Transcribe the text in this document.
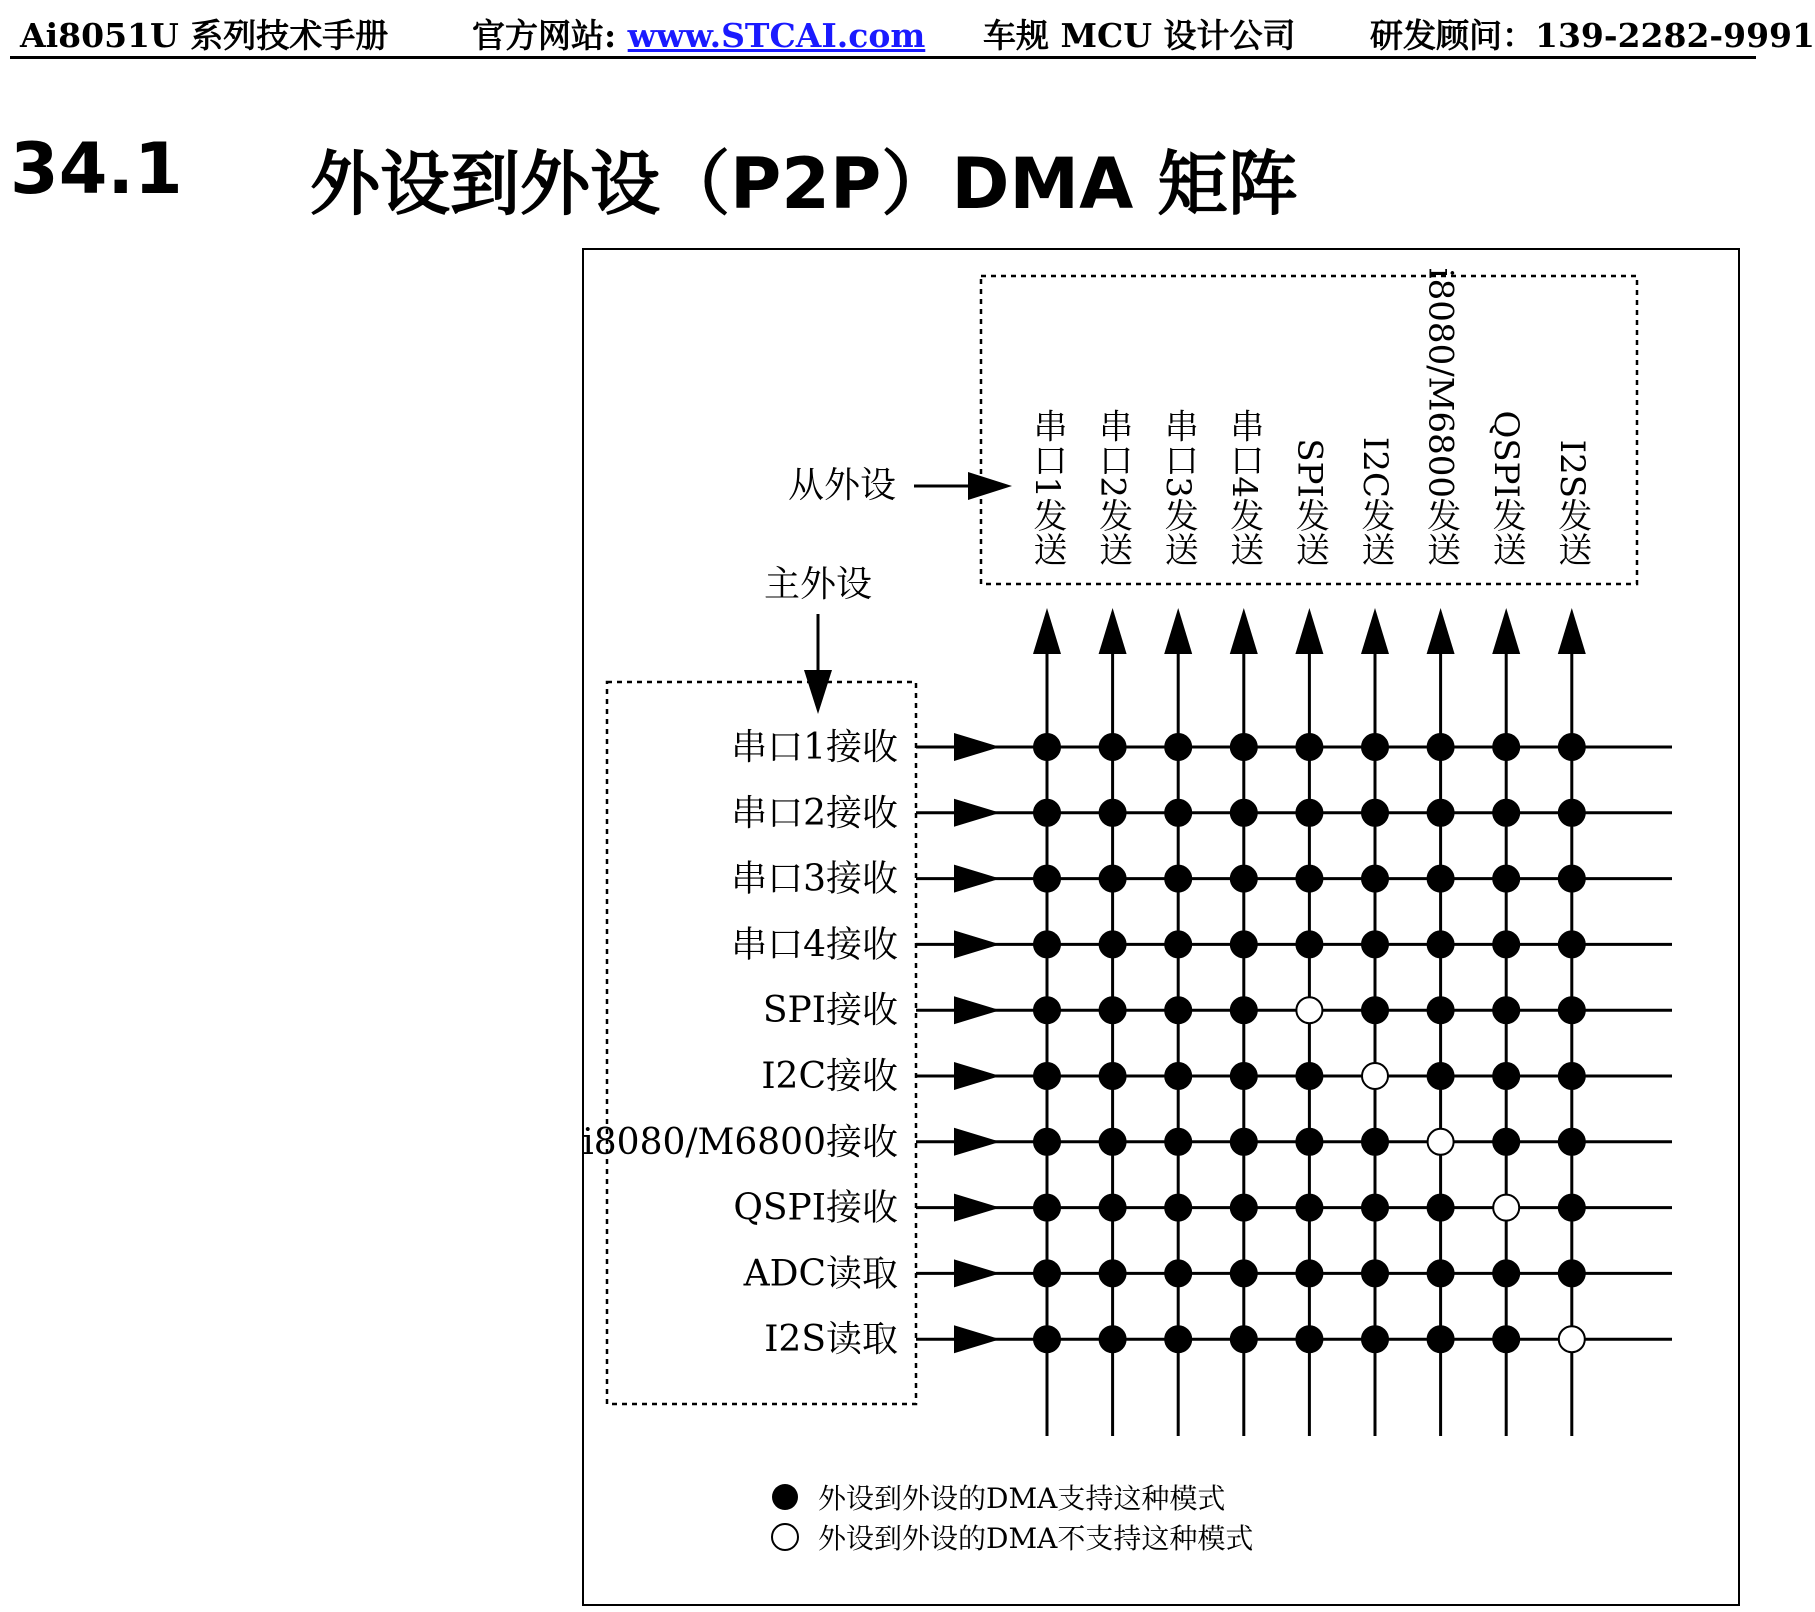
Ai8051U 系列技术手册	官方网站: www.STCAI.com 车规 MCU 设计公司 研发顾问：139-2282-9991
34.1 外设到外设（P2P）DMA 矩阵
从外设
主外设
串口1发送 串口2发送 串口3发送 串口4发送 SPI发送 I2C发送 i8080/M6800发送 QSPI发送 I2S发送
串口1接收
串口2接收
串口3接收
串口4接收
SPI接收
I2C接收
i8080/M6800接收
QSPI接收
ADC读取
I2S读取
外设到外设的DMA支持这种模式
外设到外设的DMA不支持这种模式
